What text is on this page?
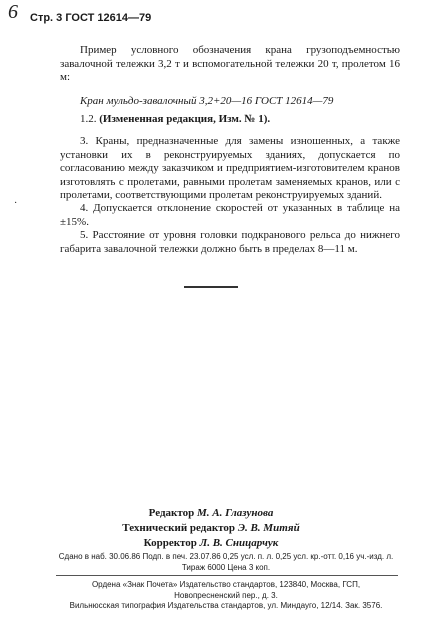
6 Стр. 3 ГОСТ 12614—79
Пример условного обозначения крана грузоподъемностью завалочной тележки 3,2 т и вспомогательной тележки 20 т, пролетом 16 м:
Кран мульдо-завалочный 3,2+20—16 ГОСТ 12614—79
1.2. (Измененная редакция, Изм. № 1).
3. Краны, предназначенные для замены изношенных, а также установки их в реконструируемых зданиях, допускается по согласованию между заказчиком и предприятием-изготовителем кранов изготовлять с пролетами, равными пролетам заменяемых кранов, или с пролетами, соответствующими пролетам реконструируемых зданий.
·	4. Допускается отклонение скоростей от указанных в таблице на ±15%.
5. Расстояние от уровня головки подкранового рельса до нижнего габарита завалочной тележки должно быть в пределах 8—11 м.
Редактор М. А. Глазунова
Технический редактор Э. В. Митяй
Корректор Л. В. Сницарчук
Сдано в наб. 30.06.86 Подп. в печ. 23.07.86 0,25 усл. п. л. 0,25 усл. кр.-отт. 0,16 уч.-изд. л.
Тираж 6000 Цена 3 коп.
Ордена «Знак Почета» Издательство стандартов, 123840, Москва, ГСП,
Новопресненский пер., д. 3.
Вильнюсская типография Издательства стандартов, ул. Миндауго, 12/14. Зак. 3576.
